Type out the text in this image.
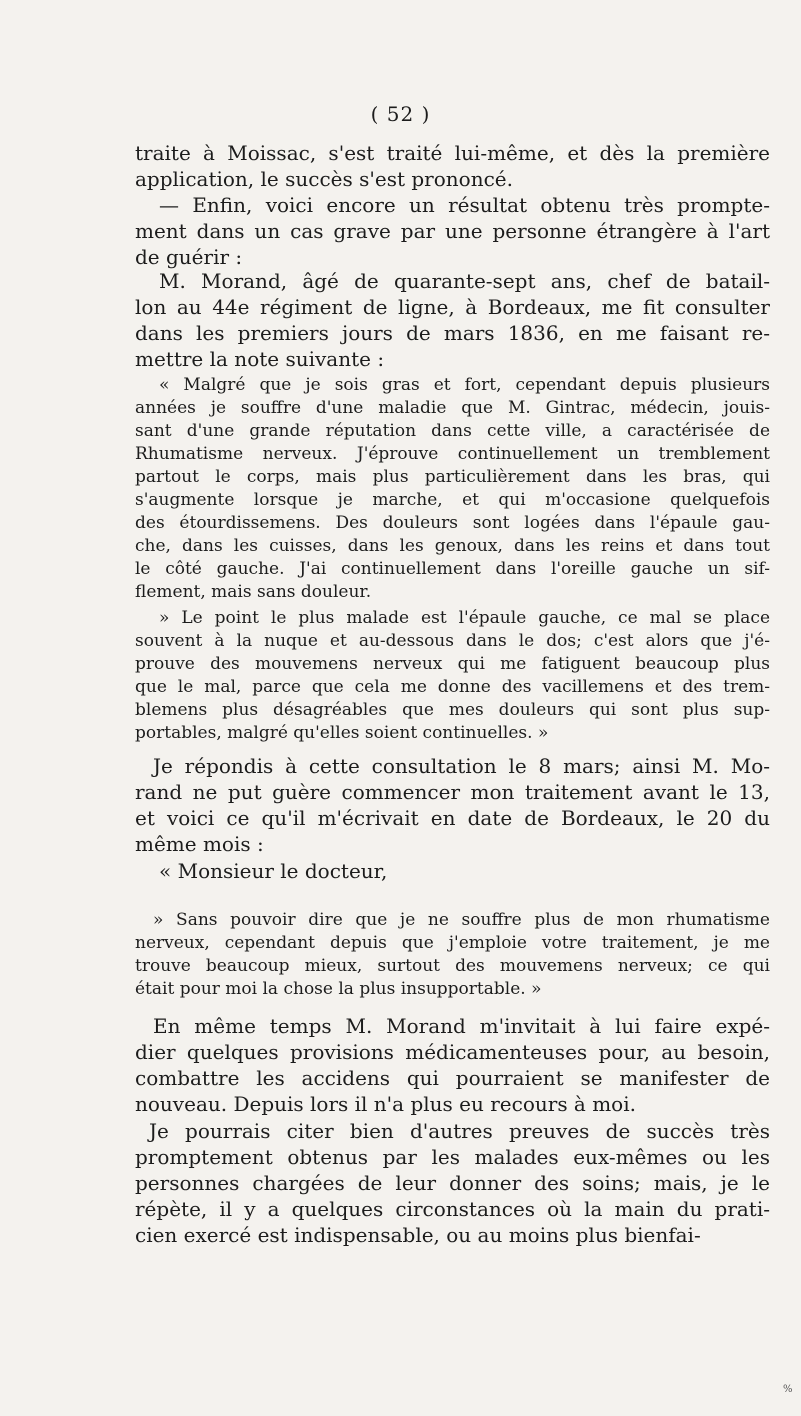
( 52 )
traite à Moissac, s'est traité lui-même, et dès la première
application, le succès s'est prononcé.
— Enfin, voici encore un résultat obtenu très prompte-
ment dans un cas grave par une personne étrangère à l'art
de guérir :
M. Morand, âgé de quarante-sept ans, chef de batail-
lon au 44e régiment de ligne, à Bordeaux, me fit consulter
dans les premiers jours de mars 1836, en me faisant re-
mettre la note suivante :
« Malgré que je sois gras et fort, cependant depuis plusieurs
années je souffre d'une maladie que M. Gintrac, médecin, jouis-
sant d'une grande réputation dans cette ville, a caractérisée de
Rhumatisme nerveux. J'éprouve continuellement un tremblement
partout le corps, mais plus particulièrement dans les bras, qui
s'augmente lorsque je marche, et qui m'occasione quelquefois
des étourdissemens. Des douleurs sont logées dans l'épaule gau-
che, dans les cuisses, dans les genoux, dans les reins et dans tout
le côté gauche. J'ai continuellement dans l'oreille gauche un sif-
flement, mais sans douleur.
» Le point le plus malade est l'épaule gauche, ce mal se place
souvent à la nuque et au-dessous dans le dos; c'est alors que j'é-
prouve des mouvemens nerveux qui me fatiguent beaucoup plus
que le mal, parce que cela me donne des vacillemens et des trem-
blemens plus désagréables que mes douleurs qui sont plus sup-
portables, malgré qu'elles soient continuelles. »
Je répondis à cette consultation le 8 mars; ainsi M. Mo-
rand ne put guère commencer mon traitement avant le 13,
et voici ce qu'il m'écrivait en date de Bordeaux, le 20 du
même mois :
« Monsieur le docteur,
» Sans pouvoir dire que je ne souffre plus de mon rhumatisme
nerveux, cependant depuis que j'emploie votre traitement, je me
trouve beaucoup mieux, surtout des mouvemens nerveux; ce qui
était pour moi la chose la plus insupportable. »
En même temps M. Morand m'invitait à lui faire expé-
dier quelques provisions médicamenteuses pour, au besoin,
combattre les accidens qui pourraient se manifester de
nouveau. Depuis lors il n'a plus eu recours à moi.
Je pourrais citer bien d'autres preuves de succès très
promptement obtenus par les malades eux-mêmes ou les
personnes chargées de leur donner des soins; mais, je le
répète, il y a quelques circonstances où la main du prati-
cien exercé est indispensable, ou au moins plus bienfai-
%
